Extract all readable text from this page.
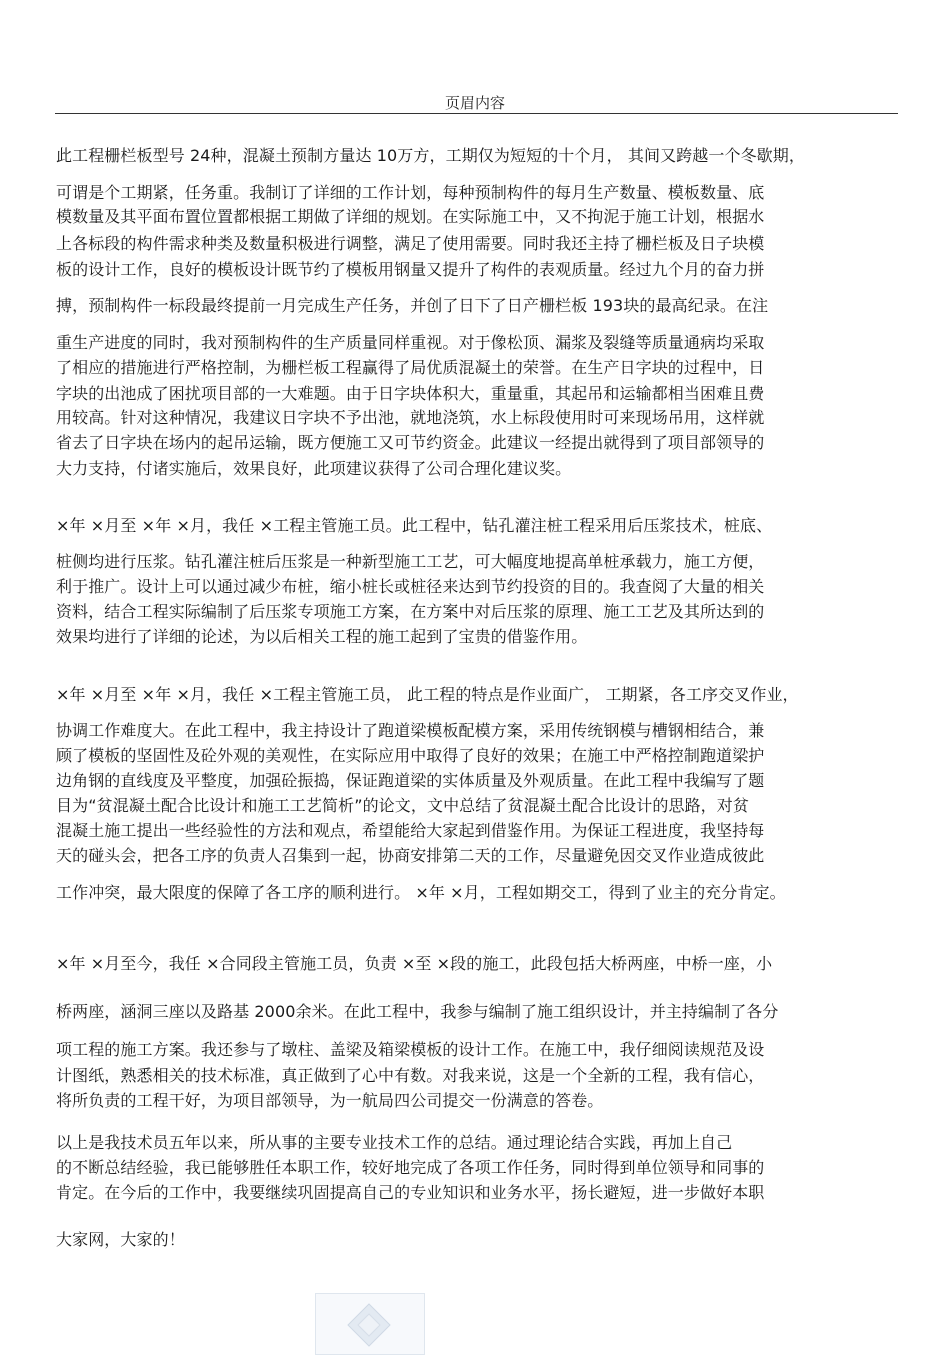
页眉内容
此工程栅栏板型号 24种，混凝土预制方量达 10万方，工期仅为短短的十个月， 其间又跨越一个冬歇期，
可谓是个工期紧，任务重。我制订了详细的工作计划，每种预制构件的每月生产数量、模板数量、底
模数量及其平面布置位置都根据工期做了详细的规划。在实际施工中，又不拘泥于施工计划，根据水
上各标段的构件需求种类及数量积极进行调整，满足了使用需要。同时我还主持了栅栏板及日子块模
板的设计工作，良好的模板设计既节约了模板用钢量又提升了构件的表观质量。经过九个月的奋力拼
搏，预制构件一标段最终提前一月完成生产任务，并创了日下了日产栅栏板 193块的最高纪录。在注
重生产进度的同时，我对预制构件的生产质量同样重视。对于像松顶、漏浆及裂缝等质量通病均采取
了相应的措施进行严格控制，为栅栏板工程赢得了局优质混凝土的荣誉。在生产日字块的过程中，日
字块的出池成了困扰项目部的一大难题。由于日字块体积大，重量重，其起吊和运输都相当困难且费
用较高。针对这种情况，我建议日字块不予出池，就地浇筑，水上标段使用时可来现场吊用，这样就
省去了日字块在场内的起吊运输，既方便施工又可节约资金。此建议一经提出就得到了项目部领导的
大力支持，付诸实施后，效果良好，此项建议获得了公司合理化建议奖。
×年 ×月至 ×年 ×月，我任 ×工程主管施工员。此工程中，钻孔灌注桩工程采用后压浆技术，桩底、
桩侧均进行压浆。钻孔灌注桩后压浆是一种新型施工工艺，可大幅度地提高单桩承载力，施工方便，
利于推广。设计上可以通过减少布桩，缩小桩长或桩径来达到节约投资的目的。我查阅了大量的相关
资料，结合工程实际编制了后压浆专项施工方案，在方案中对后压浆的原理、施工工艺及其所达到的
效果均进行了详细的论述，为以后相关工程的施工起到了宝贵的借鉴作用。
×年 ×月至 ×年 ×月，我任 ×工程主管施工员， 此工程的特点是作业面广， 工期紧，各工序交叉作业，
协调工作难度大。在此工程中，我主持设计了跑道梁模板配模方案，采用传统钢模与槽钢相结合，兼
顾了模板的坚固性及砼外观的美观性，在实际应用中取得了良好的效果；在施工中严格控制跑道梁护
边角钢的直线度及平整度，加强砼振捣，保证跑道梁的实体质量及外观质量。在此工程中我编写了题
目为“贫混凝土配合比设计和施工工艺简析”的论文，文中总结了贫混凝土配合比设计的思路，对贫
混凝土施工提出一些经验性的方法和观点，希望能给大家起到借鉴作用。为保证工程进度，我坚持每
天的碰头会，把各工序的负责人召集到一起，协商安排第二天的工作，尽量避免因交叉作业造成彼此
工作冲突，最大限度的保障了各工序的顺利进行。 ×年 ×月，工程如期交工，得到了业主的充分肯定。
×年 ×月至今，我任 ×合同段主管施工员，负责 ×至 ×段的施工，此段包括大桥两座，中桥一座，小
桥两座，涵洞三座以及路基 2000余米。在此工程中，我参与编制了施工组织设计，并主持编制了各分
项工程的施工方案。我还参与了墩柱、盖梁及箱梁模板的设计工作。在施工中，我仔细阅读规范及设
计图纸，熟悉相关的技术标准，真正做到了心中有数。对我来说，这是一个全新的工程，我有信心，
将所负责的工程干好，为项目部领导，为一航局四公司提交一份满意的答卷。
以上是我技术员五年以来，所从事的主要专业技术工作的总结。通过理论结合实践，再加上自己
的不断总结经验，我已能够胜任本职工作，较好地完成了各项工作任务，同时得到单位领导和同事的
肯定。在今后的工作中，我要继续巩固提高自己的专业知识和业务水平，扬长避短，进一步做好本职
大家网，大家的！
